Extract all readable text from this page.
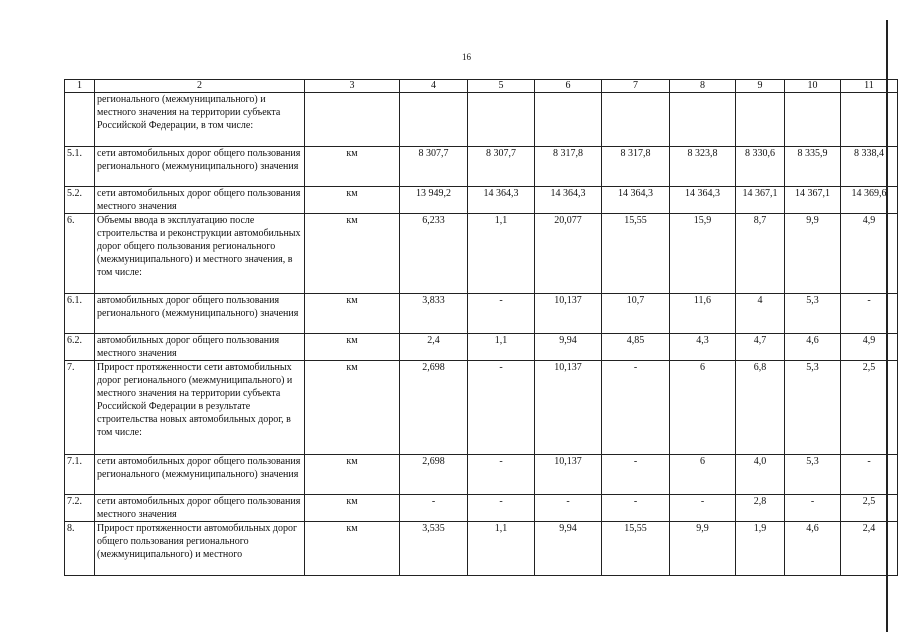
16
1	2	3	4	5	6	7	8	9	10	11
	регионального (межмуниципального) и местного значения на территории субъекта Российской Федерации, в том числе:									
5.1.	сети автомобильных дорог общего пользования регионального (межмуниципального) значения	км	8 307,7	8 307,7	8 317,8	8 317,8	8 323,8	8 330,6	8 335,9	8 338,4
5.2.	сети автомобильных дорог общего пользования местного значения	км	13 949,2	14 364,3	14 364,3	14 364,3	14 364,3	14 367,1	14 367,1	14 369,6
6.	Объемы ввода в эксплуатацию после строительства и реконструкции автомобильных дорог общего пользования регионального (межмуниципального) и местного значения, в том числе:	км	6,233	1,1	20,077	15,55	15,9	8,7	9,9	4,9
6.1.	автомобильных дорог общего пользования регионального (межмуниципального) значения	км	3,833	-	10,137	10,7	11,6	4	5,3	-
6.2.	автомобильных дорог общего пользования местного значения	км	2,4	1,1	9,94	4,85	4,3	4,7	4,6	4,9
7.	Прирост протяженности сети автомобильных дорог регионального (межмуниципального) и местного значения на территории субъекта Российской Федерации в результате строительства новых автомобильных дорог, в том числе:	км	2,698	-	10,137	-	6	6,8	5,3	2,5
7.1.	сети автомобильных дорог общего пользования регионального (межмуниципального) значения	км	2,698	-	10,137	-	6	4,0	5,3	-
7.2.	сети автомобильных дорог общего пользования местного значения	км	-	-	-	-	-	2,8	-	2,5
8.	Прирост протяженности автомобильных дорог общего пользования регионального (межмуниципального) и местного	км	3,535	1,1	9,94	15,55	9,9	1,9	4,6	2,4
